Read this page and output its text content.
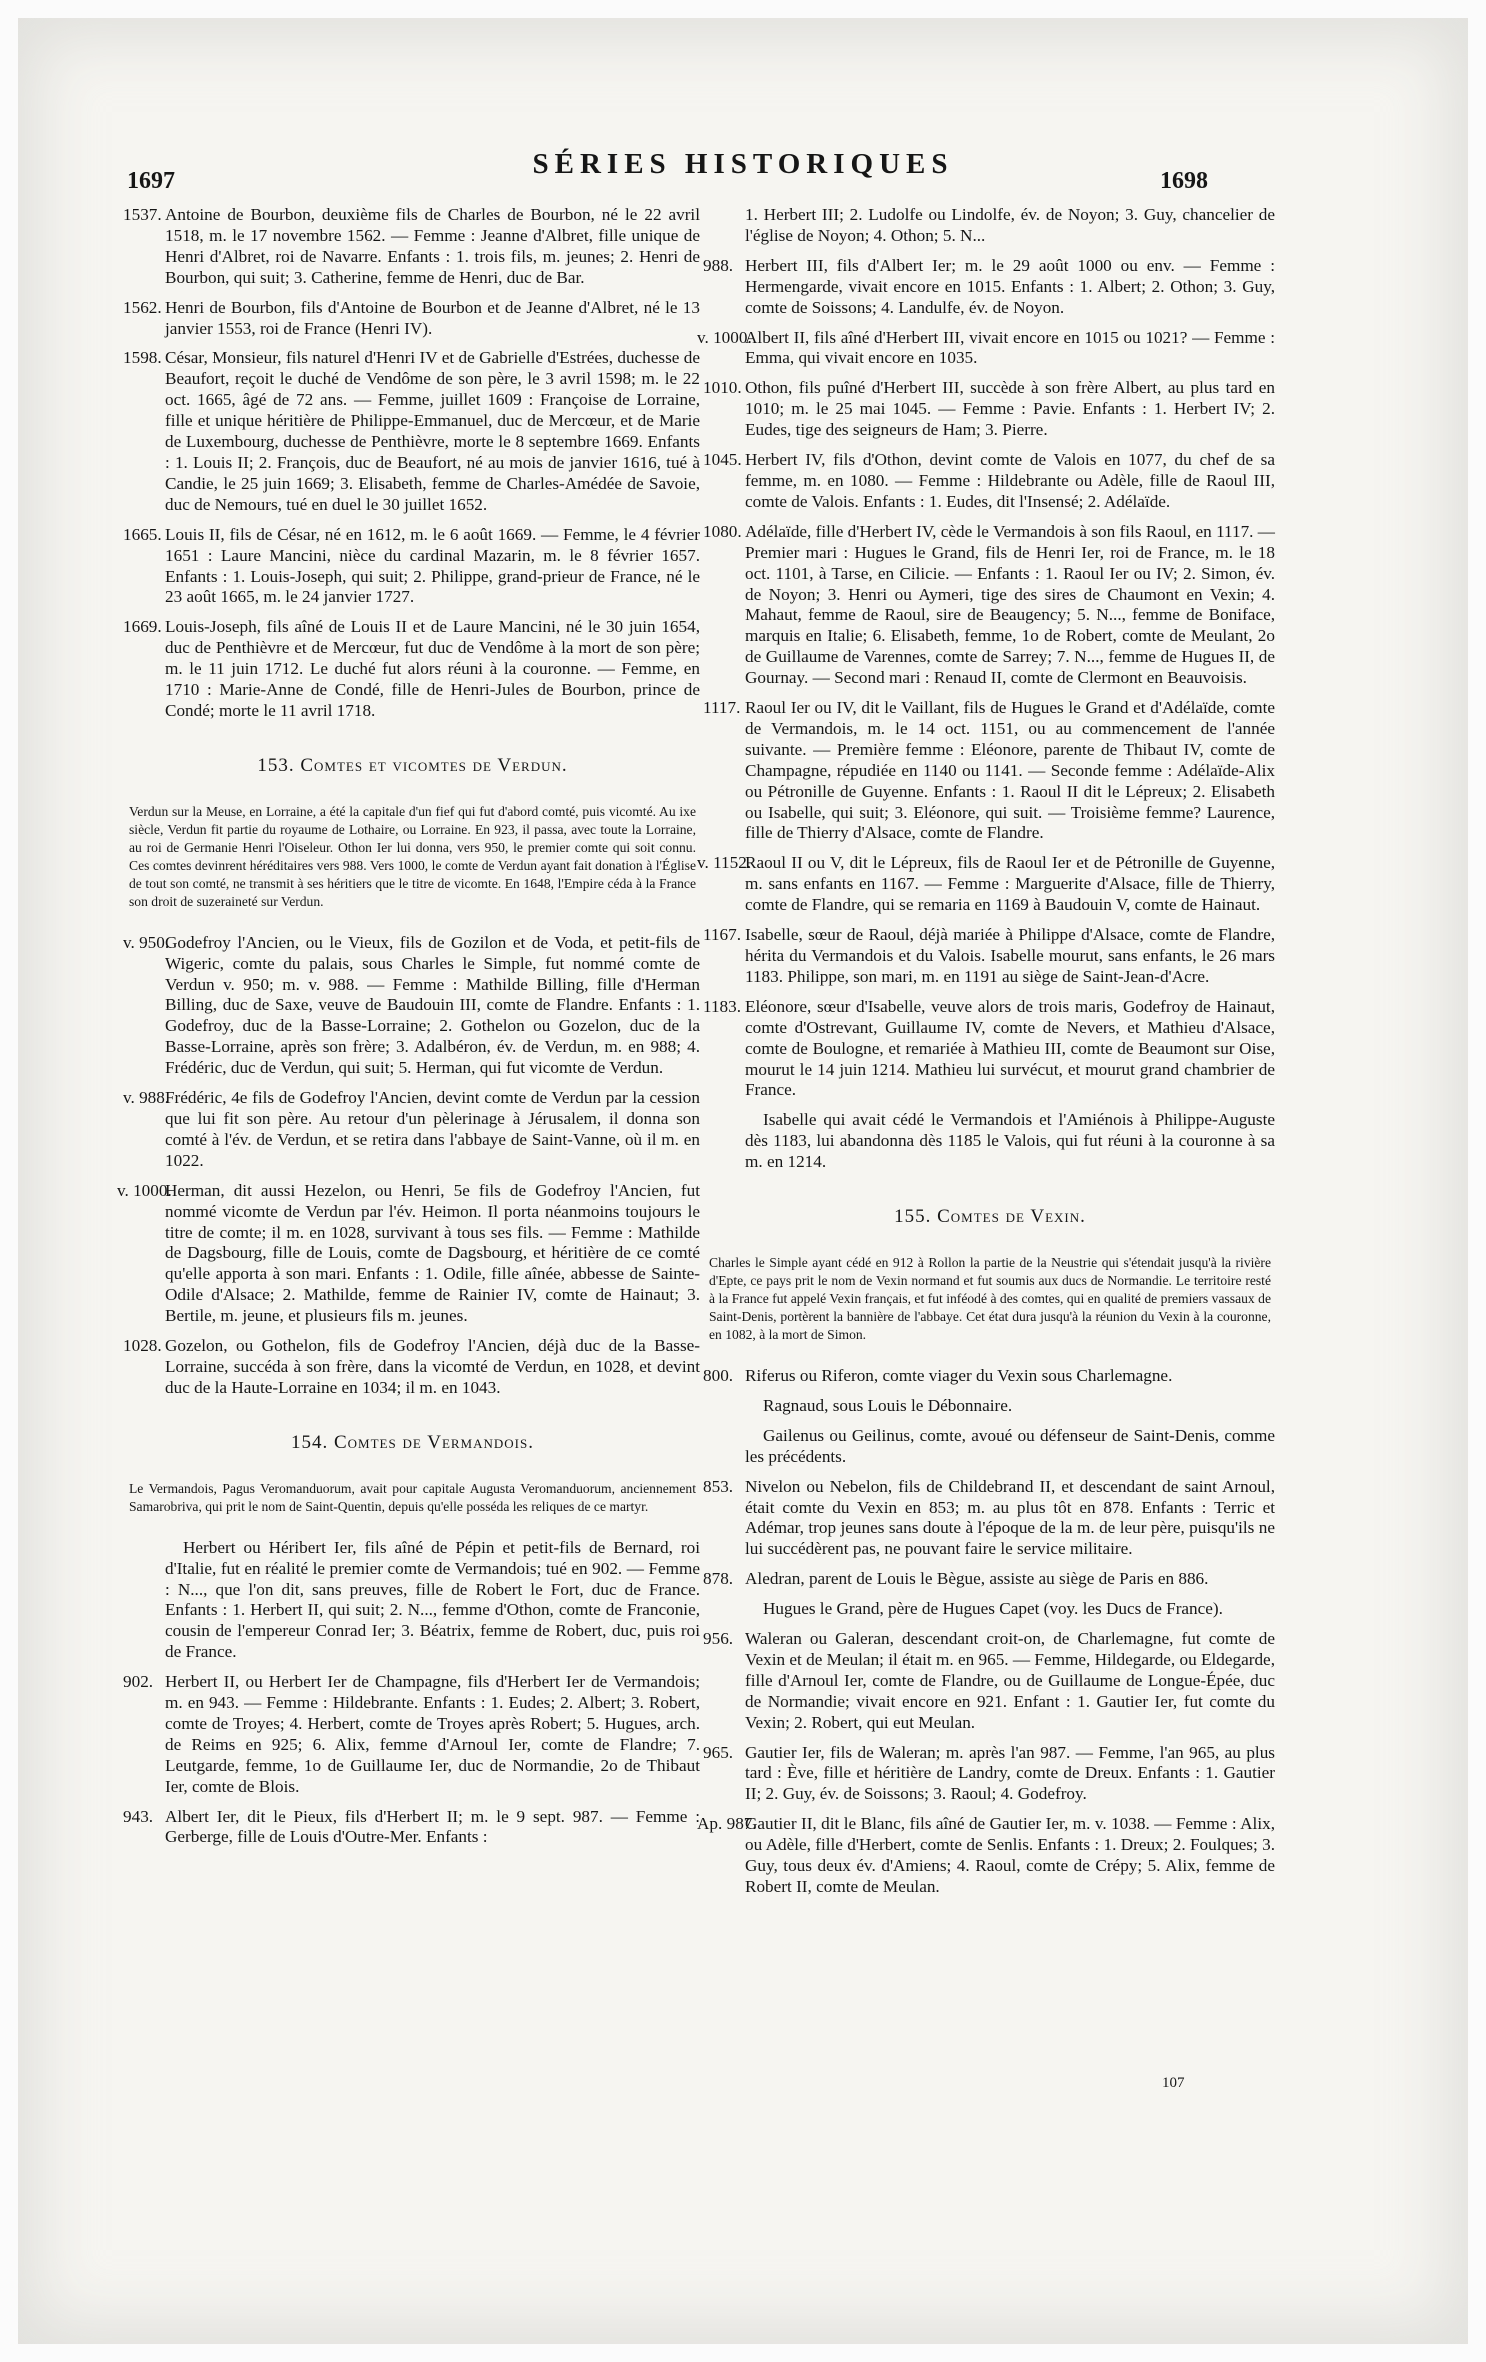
1697
SÉRIES HISTORIQUES
1698
1537. Antoine de Bourbon, deuxième fils de Charles de Bourbon, né le 22 avril 1518, m. le 17 novembre 1562. — Femme : Jeanne d'Albret, fille unique de Henri d'Albret, roi de Navarre. Enfants : 1. trois fils, m. jeunes; 2. Henri de Bourbon, qui suit; 3. Catherine, femme de Henri, duc de Bar.
1562. Henri de Bourbon, fils d'Antoine de Bourbon et de Jeanne d'Albret, né le 13 janvier 1553, roi de France (Henri IV).
1598. César, Monsieur, fils naturel d'Henri IV et de Gabrielle d'Estrées, duchesse de Beaufort, reçoit le duché de Vendôme de son père, le 3 avril 1598; m. le 22 oct. 1665, âgé de 72 ans. — Femme, juillet 1609 : Françoise de Lorraine, fille et unique héritière de Philippe-Emmanuel, duc de Mercœur, et de Marie de Luxembourg, duchesse de Penthièvre, morte le 8 septembre 1669. Enfants : 1. Louis II; 2. François, duc de Beaufort, né au mois de janvier 1616, tué à Candie, le 25 juin 1669; 3. Elisabeth, femme de Charles-Amédée de Savoie, duc de Nemours, tué en duel le 30 juillet 1652.
1665. Louis II, fils de César, né en 1612, m. le 6 août 1669. — Femme, le 4 février 1651 : Laure Mancini, nièce du cardinal Mazarin, m. le 8 février 1657. Enfants : 1. Louis-Joseph, qui suit; 2. Philippe, grand-prieur de France, né le 23 août 1665, m. le 24 janvier 1727.
1669. Louis-Joseph, fils aîné de Louis II et de Laure Mancini, né le 30 juin 1654, duc de Penthièvre et de Mercœur, fut duc de Vendôme à la mort de son père; m. le 11 juin 1712. Le duché fut alors réuni à la couronne. — Femme, en 1710 : Marie-Anne de Condé, fille de Henri-Jules de Bourbon, prince de Condé; morte le 11 avril 1718.
153. Comtes et vicomtes de Verdun.
Verdun sur la Meuse, en Lorraine, a été la capitale d'un fief qui fut d'abord comté, puis vicomté. Au ixe siècle, Verdun fit partie du royaume de Lothaire, ou Lorraine. En 923, il passa, avec toute la Lorraine, au roi de Germanie Henri l'Oiseleur. Othon Ier lui donna, vers 950, le premier comte qui soit connu. Ces comtes devinrent héréditaires vers 988. Vers 1000, le comte de Verdun ayant fait donation à l'Église de tout son comté, ne transmit à ses héritiers que le titre de vicomte. En 1648, l'Empire céda à la France son droit de suzeraineté sur Verdun.
v. 950.
Godefroy l'Ancien, ou le Vieux, fils de Gozilon et de Voda, et petit-fils de Wigeric, comte du palais, sous Charles le Simple, fut nommé comte de Verdun v. 950; m. v. 988. — Femme : Mathilde Billing, fille d'Herman Billing, duc de Saxe, veuve de Baudouin III, comte de Flandre. Enfants : 1. Godefroy, duc de la Basse-Lorraine; 2. Gothelon ou Gozelon, duc de la Basse-Lorraine, après son frère; 3. Adalbéron, év. de Verdun, m. en 988; 4. Frédéric, duc de Verdun, qui suit; 5. Herman, qui fut vicomte de Verdun.
v. 988.
Frédéric, 4e fils de Godefroy l'Ancien, devint comte de Verdun par la cession que lui fit son père. Au retour d'un pèlerinage à Jérusalem, il donna son comté à l'év. de Verdun, et se retira dans l'abbaye de Saint-Vanne, où il m. en 1022.
v. 1000.
Herman, dit aussi Hezelon, ou Henri, 5e fils de Godefroy l'Ancien, fut nommé vicomte de Verdun par l'év. Heimon. Il porta néanmoins toujours le titre de comte; il m. en 1028, survivant à tous ses fils. — Femme : Mathilde de Dagsbourg, fille de Louis, comte de Dagsbourg, et héritière de ce comté qu'elle apporta à son mari. Enfants : 1. Odile, fille aînée, abbesse de Sainte-Odile d'Alsace; 2. Mathilde, femme de Rainier IV, comte de Hainaut; 3. Bertile, m. jeune, et plusieurs fils m. jeunes.
1028. Gozelon, ou Gothelon, fils de Godefroy l'Ancien, déjà duc de la Basse-Lorraine, succéda à son frère, dans la vicomté de Verdun, en 1028, et devint duc de la Haute-Lorraine en 1034; il m. en 1043.
154. Comtes de Vermandois.
Le Vermandois, Pagus Veromanduorum, avait pour capitale Augusta Veromanduorum, anciennement Samarobriva, qui prit le nom de Saint-Quentin, depuis qu'elle posséda les reliques de ce martyr.
Herbert ou Héribert Ier, fils aîné de Pépin et petit-fils de Bernard, roi d'Italie, fut en réalité le premier comte de Vermandois; tué en 902. — Femme : N..., que l'on dit, sans preuves, fille de Robert le Fort, duc de France. Enfants : 1. Herbert II, qui suit; 2. N..., femme d'Othon, comte de Franconie, cousin de l'empereur Conrad Ier; 3. Béatrix, femme de Robert, duc, puis roi de France.
902. Herbert II, ou Herbert Ier de Champagne, fils d'Herbert Ier de Vermandois; m. en 943. — Femme : Hildebrante. Enfants : 1. Eudes; 2. Albert; 3. Robert, comte de Troyes; 4. Herbert, comte de Troyes après Robert; 5. Hugues, arch. de Reims en 925; 6. Alix, femme d'Arnoul Ier, comte de Flandre; 7. Leutgarde, femme, 1o de Guillaume Ier, duc de Normandie, 2o de Thibaut Ier, comte de Blois.
943. Albert Ier, dit le Pieux, fils d'Herbert II; m. le 9 sept. 987. — Femme : Gerberge, fille de Louis d'Outre-Mer. Enfants :
1. Herbert III; 2. Ludolfe ou Lindolfe, év. de Noyon; 3. Guy, chancelier de l'église de Noyon; 4. Othon; 5. N...
988. Herbert III, fils d'Albert Ier; m. le 29 août 1000 ou env. — Femme : Hermengarde, vivait encore en 1015. Enfants : 1. Albert; 2. Othon; 3. Guy, comte de Soissons; 4. Landulfe, év. de Noyon.
v. 1000.
Albert II, fils aîné d'Herbert III, vivait encore en 1015 ou 1021? — Femme : Emma, qui vivait encore en 1035.
1010. Othon, fils puîné d'Herbert III, succède à son frère Albert, au plus tard en 1010; m. le 25 mai 1045. — Femme : Pavie. Enfants : 1. Herbert IV; 2. Eudes, tige des seigneurs de Ham; 3. Pierre.
1045. Herbert IV, fils d'Othon, devint comte de Valois en 1077, du chef de sa femme, m. en 1080. — Femme : Hildebrante ou Adèle, fille de Raoul III, comte de Valois. Enfants : 1. Eudes, dit l'Insensé; 2. Adélaïde.
1080. Adélaïde, fille d'Herbert IV, cède le Vermandois à son fils Raoul, en 1117. — Premier mari : Hugues le Grand, fils de Henri Ier, roi de France, m. le 18 oct. 1101, à Tarse, en Cilicie. — Enfants : 1. Raoul Ier ou IV; 2. Simon, év. de Noyon; 3. Henri ou Aymeri, tige des sires de Chaumont en Vexin; 4. Mahaut, femme de Raoul, sire de Beaugency; 5. N..., femme de Boniface, marquis en Italie; 6. Elisabeth, femme, 1o de Robert, comte de Meulant, 2o de Guillaume de Varennes, comte de Sarrey; 7. N..., femme de Hugues II, de Gournay. — Second mari : Renaud II, comte de Clermont en Beauvoisis.
1117. Raoul Ier ou IV, dit le Vaillant, fils de Hugues le Grand et d'Adélaïde, comte de Vermandois, m. le 14 oct. 1151, ou au commencement de l'année suivante. — Première femme : Eléonore, parente de Thibaut IV, comte de Champagne, répudiée en 1140 ou 1141. — Seconde femme : Adélaïde-Alix ou Pétronille de Guyenne. Enfants : 1. Raoul II dit le Lépreux; 2. Elisabeth ou Isabelle, qui suit; 3. Eléonore, qui suit. — Troisième femme? Laurence, fille de Thierry d'Alsace, comte de Flandre.
v. 1152.
Raoul II ou V, dit le Lépreux, fils de Raoul Ier et de Pétronille de Guyenne, m. sans enfants en 1167. — Femme : Marguerite d'Alsace, fille de Thierry, comte de Flandre, qui se remaria en 1169 à Baudouin V, comte de Hainaut.
1167. Isabelle, sœur de Raoul, déjà mariée à Philippe d'Alsace, comte de Flandre, hérita du Vermandois et du Valois. Isabelle mourut, sans enfants, le 26 mars 1183. Philippe, son mari, m. en 1191 au siège de Saint-Jean-d'Acre.
1183. Eléonore, sœur d'Isabelle, veuve alors de trois maris, Godefroy de Hainaut, comte d'Ostrevant, Guillaume IV, comte de Nevers, et Mathieu d'Alsace, comte de Boulogne, et remariée à Mathieu III, comte de Beaumont sur Oise, mourut le 14 juin 1214. Mathieu lui survécut, et mourut grand chambrier de France.
Isabelle qui avait cédé le Vermandois et l'Amiénois à Philippe-Auguste dès 1183, lui abandonna dès 1185 le Valois, qui fut réuni à la couronne à sa m. en 1214.
155. Comtes de Vexin.
Charles le Simple ayant cédé en 912 à Rollon la partie de la Neustrie qui s'étendait jusqu'à la rivière d'Epte, ce pays prit le nom de Vexin normand et fut soumis aux ducs de Normandie. Le territoire resté à la France fut appelé Vexin français, et fut inféodé à des comtes, qui en qualité de premiers vassaux de Saint-Denis, portèrent la bannière de l'abbaye. Cet état dura jusqu'à la réunion du Vexin à la couronne, en 1082, à la mort de Simon.
800. Riferus ou Riferon, comte viager du Vexin sous Charlemagne.
Ragnaud, sous Louis le Débonnaire.
Gailenus ou Geilinus, comte, avoué ou défenseur de Saint-Denis, comme les précédents.
853. Nivelon ou Nebelon, fils de Childebrand II, et descendant de saint Arnoul, était comte du Vexin en 853; m. au plus tôt en 878. Enfants : Terric et Adémar, trop jeunes sans doute à l'époque de la m. de leur père, puisqu'ils ne lui succédèrent pas, ne pouvant faire le service militaire.
878. Aledran, parent de Louis le Bègue, assiste au siège de Paris en 886.
Hugues le Grand, père de Hugues Capet (voy. les Ducs de France).
956. Waleran ou Galeran, descendant croit-on, de Charlemagne, fut comte de Vexin et de Meulan; il était m. en 965. — Femme, Hildegarde, ou Eldegarde, fille d'Arnoul Ier, comte de Flandre, ou de Guillaume de Longue-Épée, duc de Normandie; vivait encore en 921. Enfant : 1. Gautier Ier, fut comte du Vexin; 2. Robert, qui eut Meulan.
965. Gautier Ier, fils de Waleran; m. après l'an 987. — Femme, l'an 965, au plus tard : Ève, fille et héritière de Landry, comte de Dreux. Enfants : 1. Gautier II; 2. Guy, év. de Soissons; 3. Raoul; 4. Godefroy.
Ap. 987.
Gautier II, dit le Blanc, fils aîné de Gautier Ier, m. v. 1038. — Femme : Alix, ou Adèle, fille d'Herbert, comte de Senlis. Enfants : 1. Dreux; 2. Foulques; 3. Guy, tous deux év. d'Amiens; 4. Raoul, comte de Crépy; 5. Alix, femme de Robert II, comte de Meulan.
107
